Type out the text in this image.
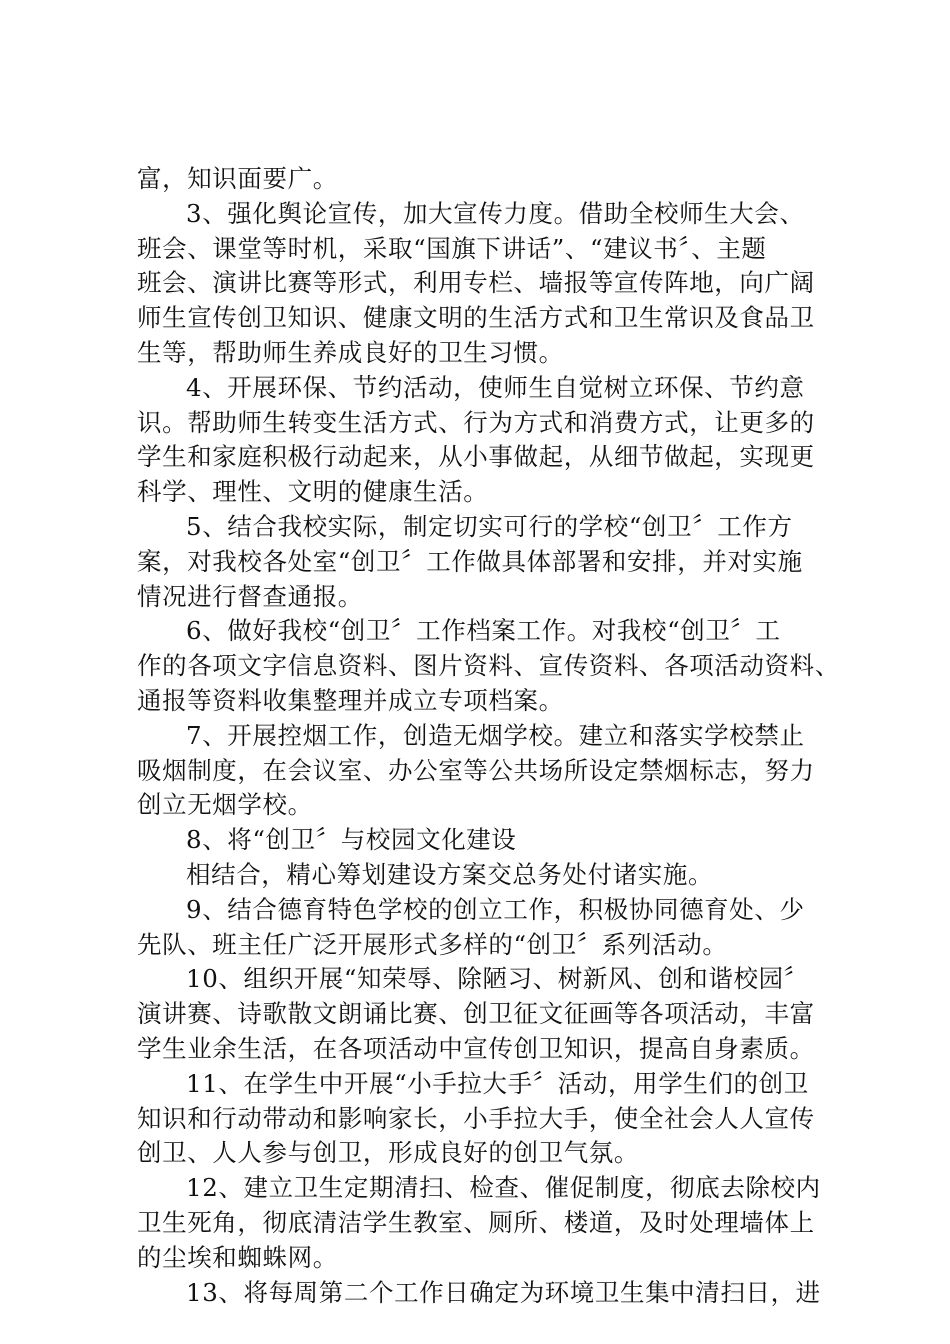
富，知识面要广。

3、强化舆论宣传，加大宣传力度。借助全校师生大会、
班会、课堂等时机，采取“国旗下讲话”、“建议书〞、主题
班会、演讲比赛等形式，利用专栏、墙报等宣传阵地，向广阔
师生宣传创卫知识、健康文明的生活方式和卫生常识及食品卫
生等，帮助师生养成良好的卫生习惯。

4、开展环保、节约活动，使师生自觉树立环保、节约意
识。帮助师生转变生活方式、行为方式和消费方式，让更多的
学生和家庭积极行动起来，从小事做起，从细节做起，实现更
科学、理性、文明的健康生活。

5、结合我校实际，制定切实可行的学校“创卫〞工作方
案，对我校各处室“创卫〞工作做具体部署和安排，并对实施
情况进行督查通报。

6、做好我校“创卫〞工作档案工作。对我校“创卫〞工
作的各项文字信息资料、图片资料、宣传资料、各项活动资料、
通报等资料收集整理并成立专项档案。

7、开展控烟工作，创造无烟学校。建立和落实学校禁止
吸烟制度，在会议室、办公室等公共场所设定禁烟标志，努力
创立无烟学校。

8、将“创卫〞与校园文化建设

相结合，精心筹划建设方案交总务处付诸实施。

9、结合德育特色学校的创立工作，积极协同德育处、少
先队、班主任广泛开展形式多样的“创卫〞系列活动。

10、组织开展“知荣辱、除陋习、树新风、创和谐校园〞
演讲赛、诗歌散文朗诵比赛、创卫征文征画等各项活动，丰富
学生业余生活，在各项活动中宣传创卫知识，提高自身素质。

11、在学生中开展“小手拉大手〞活动，用学生们的创卫
知识和行动带动和影响家长，小手拉大手，使全社会人人宣传
创卫、人人参与创卫，形成良好的创卫气氛。

12、建立卫生定期清扫、检查、催促制度，彻底去除校内
卫生死角，彻底清洁学生教室、厕所、楼道，及时处理墙体上
的尘埃和蜘蛛网。

13、将每周第二个工作日确定为环境卫生集中清扫日，进
